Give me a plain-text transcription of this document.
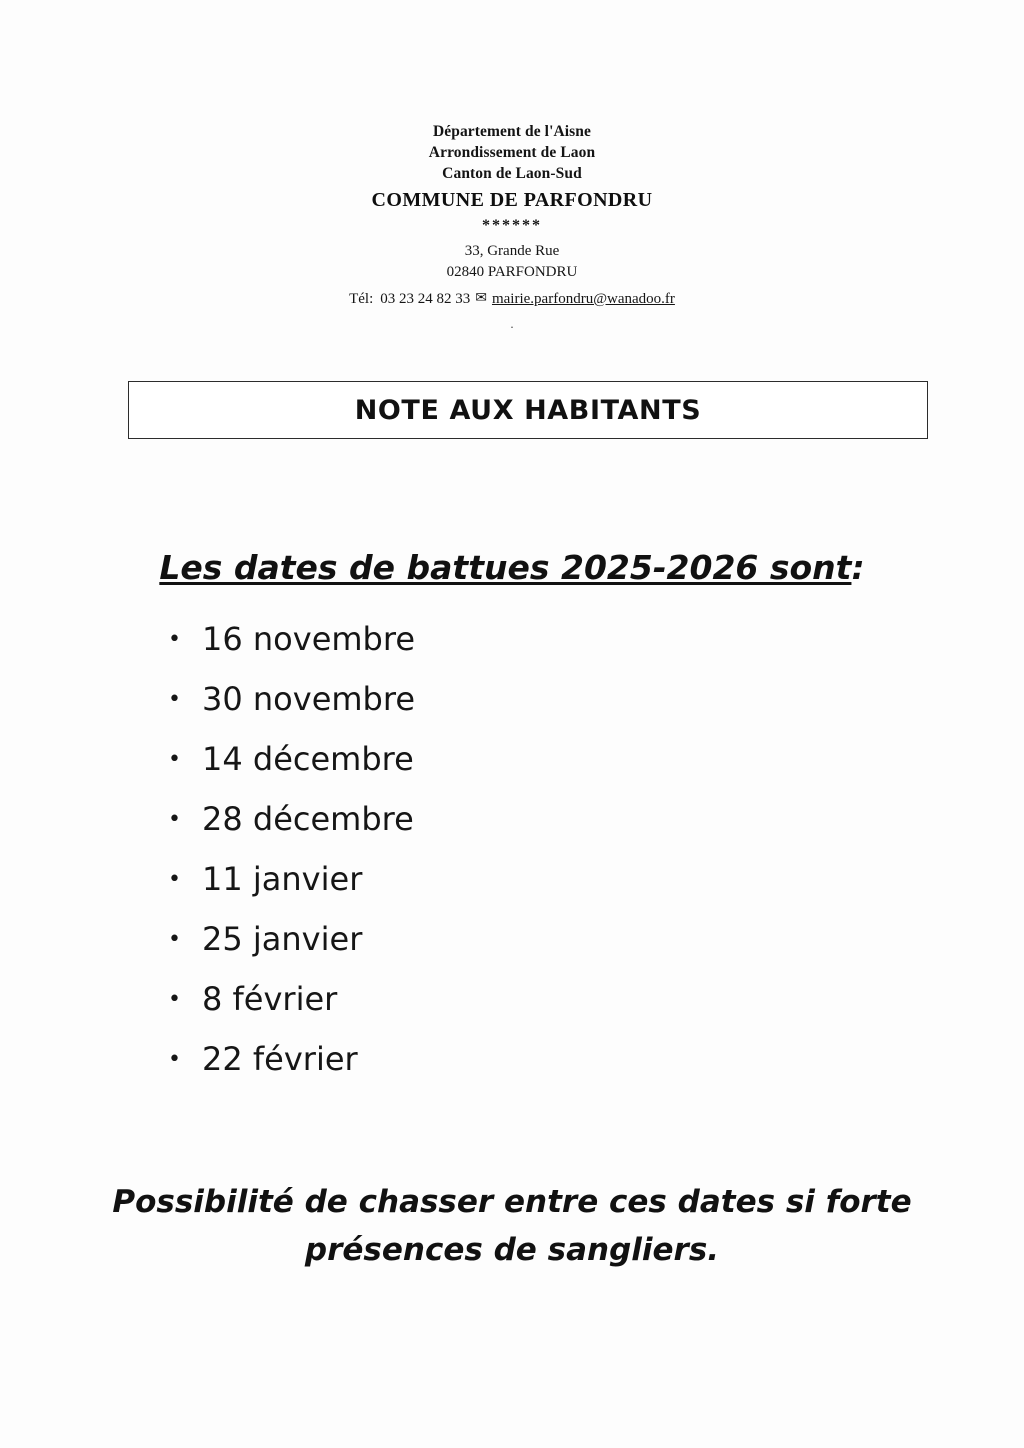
Département de l'Aisne
Arrondissement de Laon
Canton de Laon-Sud
COMMUNE DE PARFONDRU
******
33, Grande Rue
02840 PARFONDRU
Tél: 03 23 24 82 33 ✉ mairie.parfondru@wanadoo.fr
.
NOTE AUX HABITANTS
Les dates de battues 2025-2026 sont:
• 16 novembre
• 30 novembre
• 14 décembre
• 28 décembre
• 11 janvier
• 25 janvier
• 8 février
• 22 février
Possibilité de chasser entre ces dates si forte
présences de sangliers.
